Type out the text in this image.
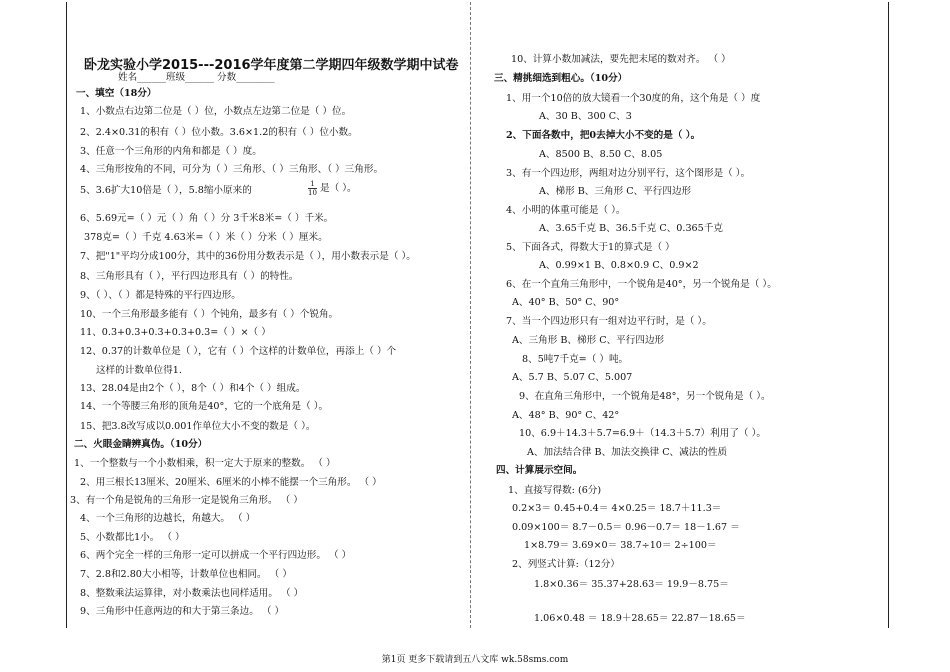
卧龙实验小学2015---2016学年度第二学期四年级数学期中试卷
姓名______班级______ 分数________
一、填空（18分）
1、小数点右边第二位是（ ）位，小数点左边第二位是（ ）位。
2、2.4×0.31的积有（ ）位小数。3.6×1.2的积有（ ）位小数。
3、任意一个三角形的内角和都是（ ）度。
4、三角形按角的不同，可分为（ ）三角形、（ ）三角形、（ ）三角形。
5、3.6扩大10倍是（ ），5.8缩小原来的
6、5.69元=（ ）元（ ）角（ ）分 3千米8米=（ ）千米。
378克=（ ）千克 4.63米=（ ）米（ ）分米（ ）厘米。
7、把"1"平均分成100分，其中的36份用分数表示是（ ），用小数表示是（ ）。
8、三角形具有（ ），平行四边形具有（ ）的特性。
9、（ ）、（ ）都是特殊的平行四边形。
10、一个三角形最多能有（ ）个钝角，最多有（ ）个锐角。
11、0.3+0.3+0.3+0.3+0.3=（ ）×（ ）
12、0.37的计数单位是（ ），它有（ ）个这样的计数单位，再添上（ ）个
这样的计数单位得1.
13、28.04是由2个（ ），8个（ ）和4个（ ）组成。
14、一个等腰三角形的顶角是40°，它的一个底角是（ ）。
15、把3.8改写成以0.001作单位大小不变的数是（ ）。
二、火眼金睛辨真伪。（10分）
1、一个整数与一个小数相乘，积一定大于原来的整数。 （ ）
2、用三根长13厘米、20厘米、6厘米的小棒不能摆一个三角形。 （ ）
3、有一个角是锐角的三角形一定是锐角三角形。 （ ）
4、一个三角形的边越长，角越大。 （ ）
5、小数都比1小。 （ ）
6、两个完全一样的三角形一定可以拼成一个平行四边形。 （ ）
7、2.8和2.80大小相等，计数单位也相同。 （ ）
8、整数乘法运算律，对小数乘法也同样适用。 （ ）
9、三角形中任意两边的和大于第三条边。 （ ）
10、计算小数加减法，要先把末尾的数对齐。 （ ）
三、精挑细选到粗心。（10分）
1、用一个10倍的放大镜看一个30度的角，这个角是（ ）度
A、30 B、300 C、3
2、下面各数中，把0去掉大小不变的是（ ）。
A、8500 B、8.50 C、8.05
3、有一个四边形，两组对边分别平行，这个图形是（ ）。
A、梯形 B、三角形 C、平行四边形
4、小明的体重可能是（ ）。
A、3.65千克 B、36.5千克 C、0.365千克
5、下面各式，得数大于1的算式是（ ）
A、0.99×1 B、0.8×0.9 C、0.9×2
6、在一个直角三角形中，一个锐角是40°，另一个锐角是（ ）。
A、40° B、50° C、90°
7、当一个四边形只有一组对边平行时，是（ ）。
A、三角形 B、梯形 C、平行四边形
8、5吨7千克=（ ）吨。
A、5.7 B、5.07 C、5.007
9、在直角三角形中，一个锐角是48°，另一个锐角是（ ）。
A、48° B、90° C、42°
10、6.9＋14.3＋5.7=6.9＋（14.3＋5.7）利用了（ ）。
A、加法结合律 B、加法交换律 C、减法的性质
四、计算展示空间。
1、直接写得数: (6分)
0.2×3＝ 0.45+0.4＝ 4×0.25＝ 18.7＋11.3＝
0.09×100＝ 8.7－0.5＝ 0.96－0.7＝ 18－1.67 ＝
1×8.79＝ 3.69×0＝ 38.7÷10＝ 2÷100＝
2、列竖式计算:（12分）
1.8×0.36＝ 35.37+28.63＝ 19.9－8.75＝
1.06×0.48 ＝ 18.9＋28.65＝ 22.87－18.65＝
$\frac{1}{10}$ 是（ ）。
第1页 更多下载请到五八文库 wk.58sms.com
